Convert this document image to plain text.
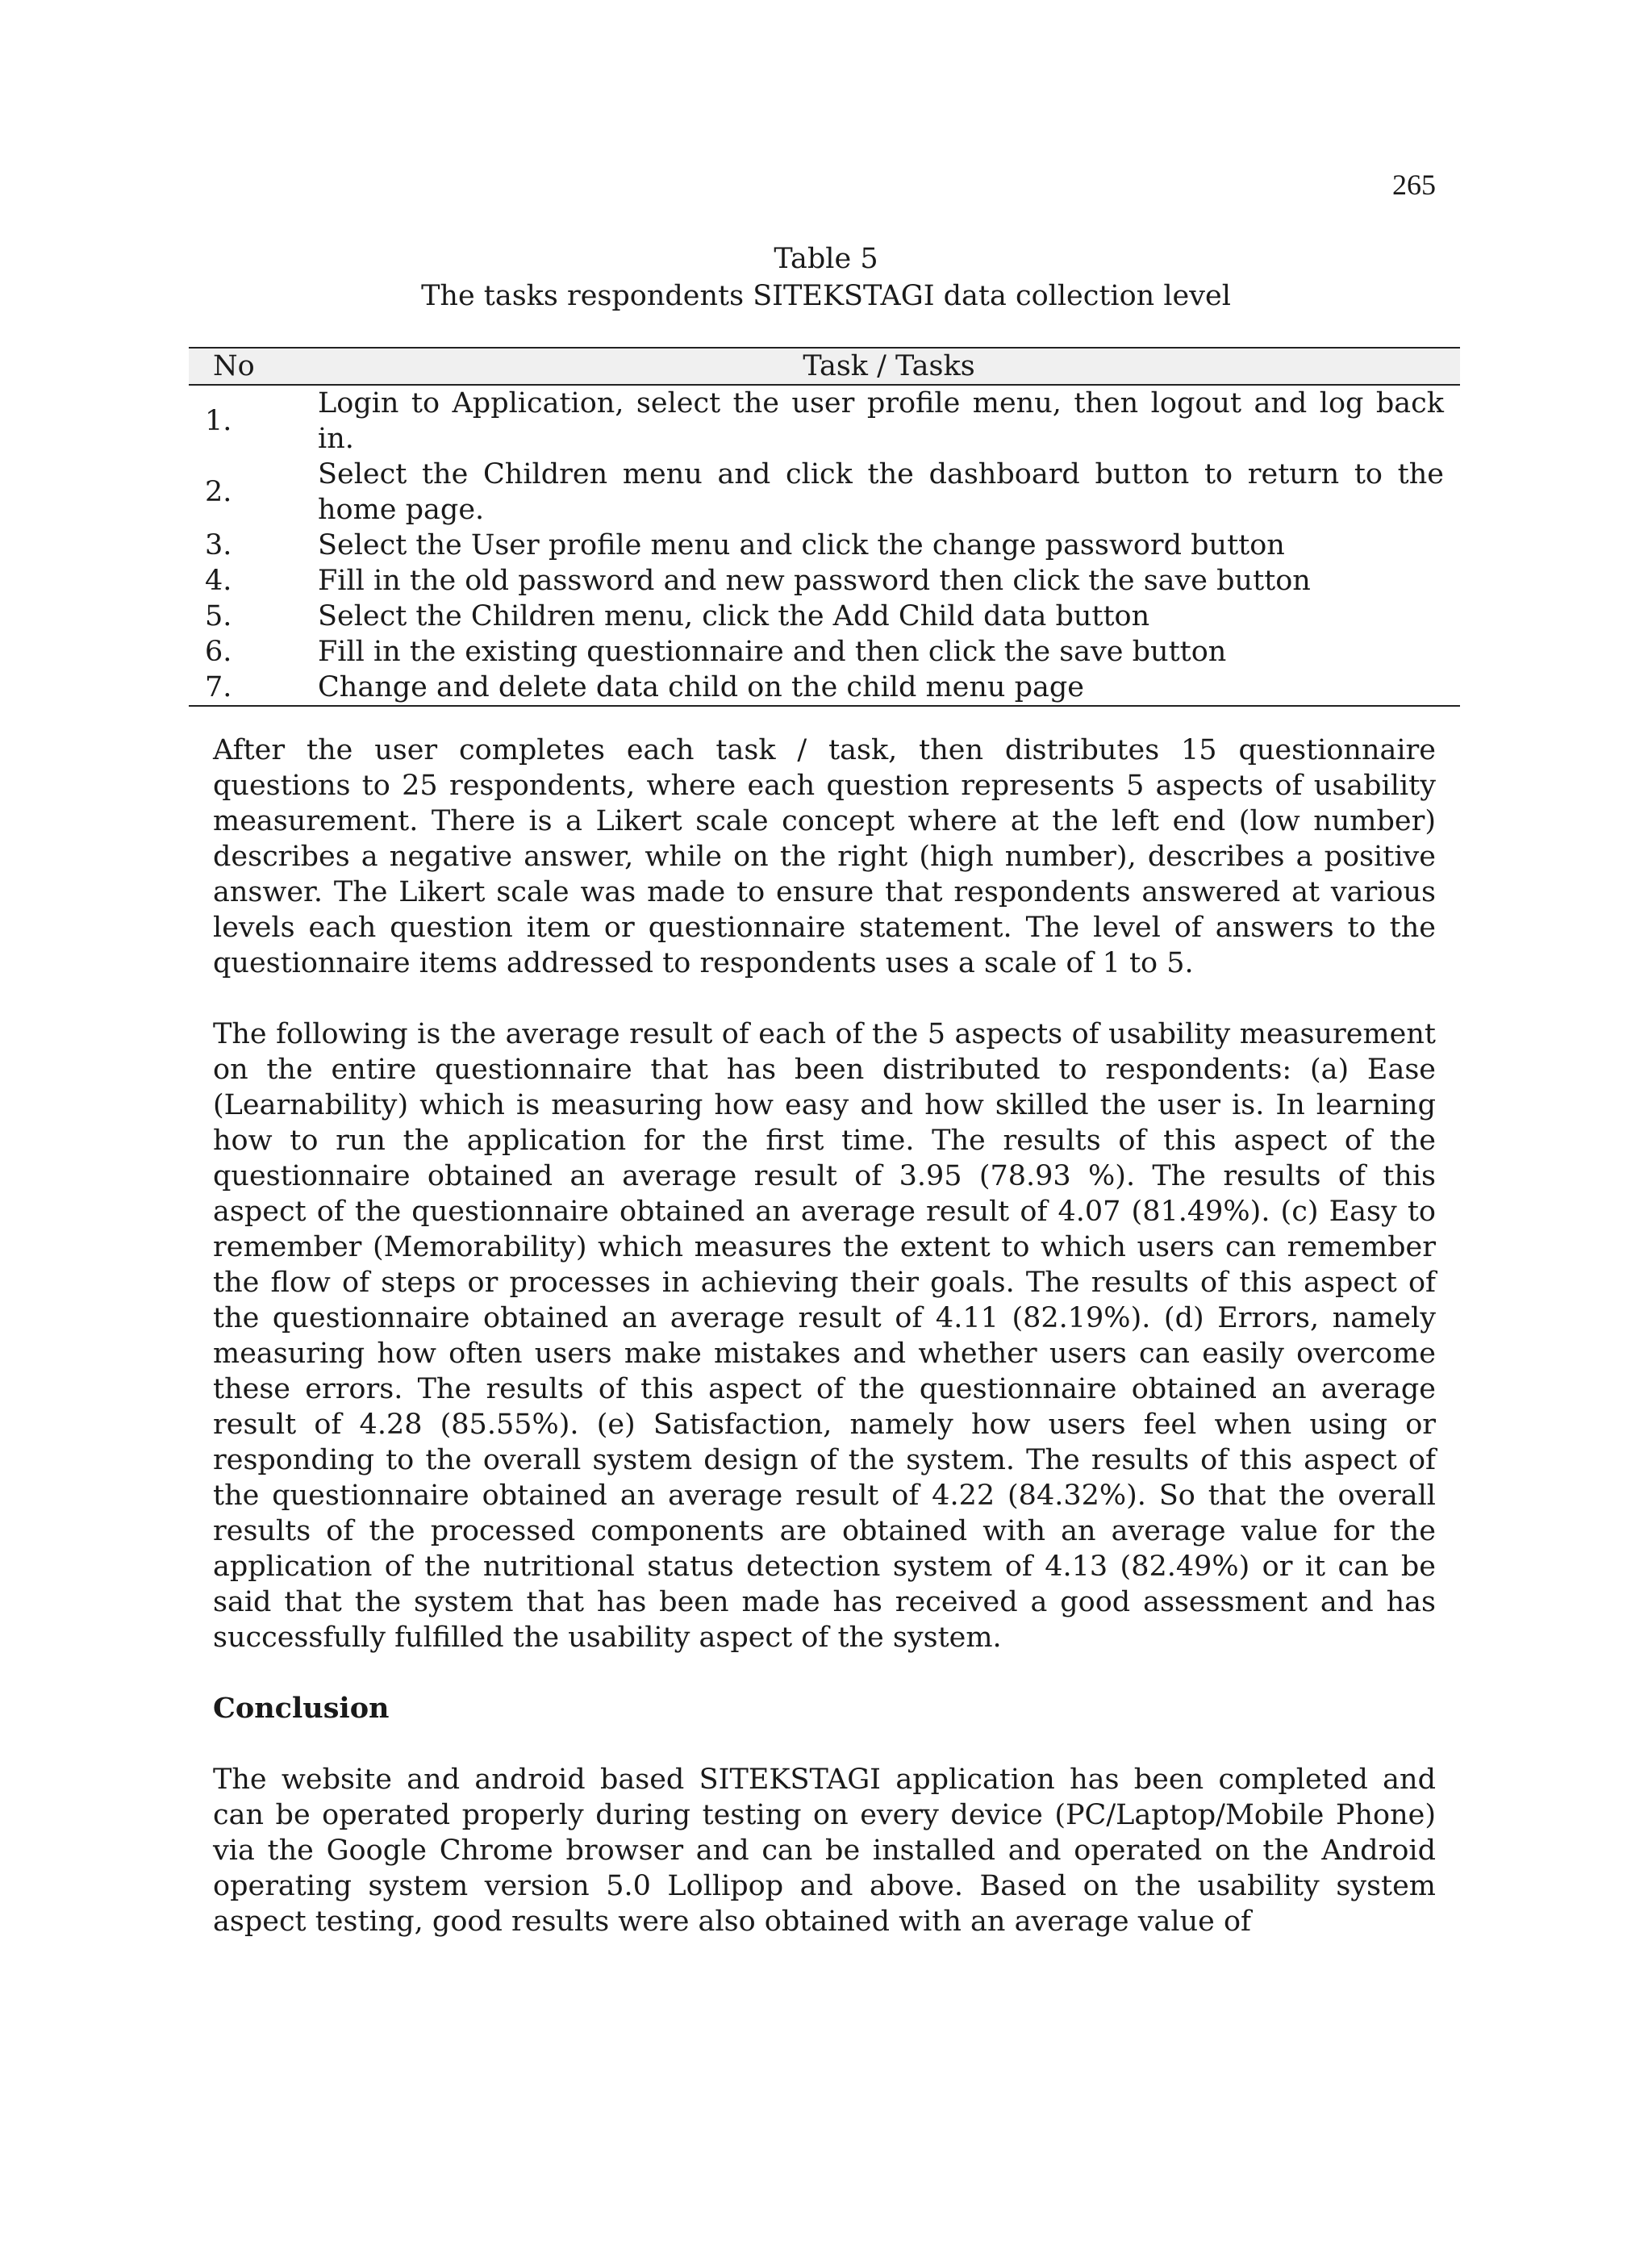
265
Table 5
The tasks respondents SITEKSTAGI data collection level
No	Task / Tasks
1.	Login to Application, select the user profile menu, then logout and log back in.
2.	Select the Children menu and click the dashboard button to return to the home page.
3.	Select the User profile menu and click the change password button
4.	Fill in the old password and new password then click the save button
5.	Select the Children menu, click the Add Child data button
6.	Fill in the existing questionnaire and then click the save button
7.	Change and delete data child on the child menu page

After the user completes each task / task, then distributes 15 questionnaire questions to 25 respondents, where each question represents 5 aspects of usability measurement. There is a Likert scale concept where at the left end (low number) describes a negative answer, while on the right (high number), describes a positive answer. The Likert scale was made to ensure that respondents answered at various levels each question item or questionnaire statement. The level of answers to the questionnaire items addressed to respondents uses a scale of 1 to 5.

The following is the average result of each of the 5 aspects of usability measurement on the entire questionnaire that has been distributed to respondents: (a) Ease (Learnability) which is measuring how easy and how skilled the user is. In learning how to run the application for the first time. The results of this aspect of the questionnaire obtained an average result of 3.95 (78.93 %). The results of this aspect of the questionnaire obtained an average result of 4.07 (81.49%). (c) Easy to remember (Memorability) which measures the extent to which users can remember the flow of steps or processes in achieving their goals. The results of this aspect of the questionnaire obtained an average result of 4.11 (82.19%). (d) Errors, namely measuring how often users make mistakes and whether users can easily overcome these errors. The results of this aspect of the questionnaire obtained an average result of 4.28 (85.55%). (e) Satisfaction, namely how users feel when using or responding to the overall system design of the system. The results of this aspect of the questionnaire obtained an average result of 4.22 (84.32%). So that the overall results of the processed components are obtained with an average value for the application of the nutritional status detection system of 4.13 (82.49%) or it can be said that the system that has been made has received a good assessment and has successfully fulfilled the usability aspect of the system.

Conclusion

The website and android based SITEKSTAGI application has been completed and can be operated properly during testing on every device (PC/Laptop/Mobile Phone) via the Google Chrome browser and can be installed and operated on the Android operating system version 5.0 Lollipop and above. Based on the usability system aspect testing, good results were also obtained with an average value of
